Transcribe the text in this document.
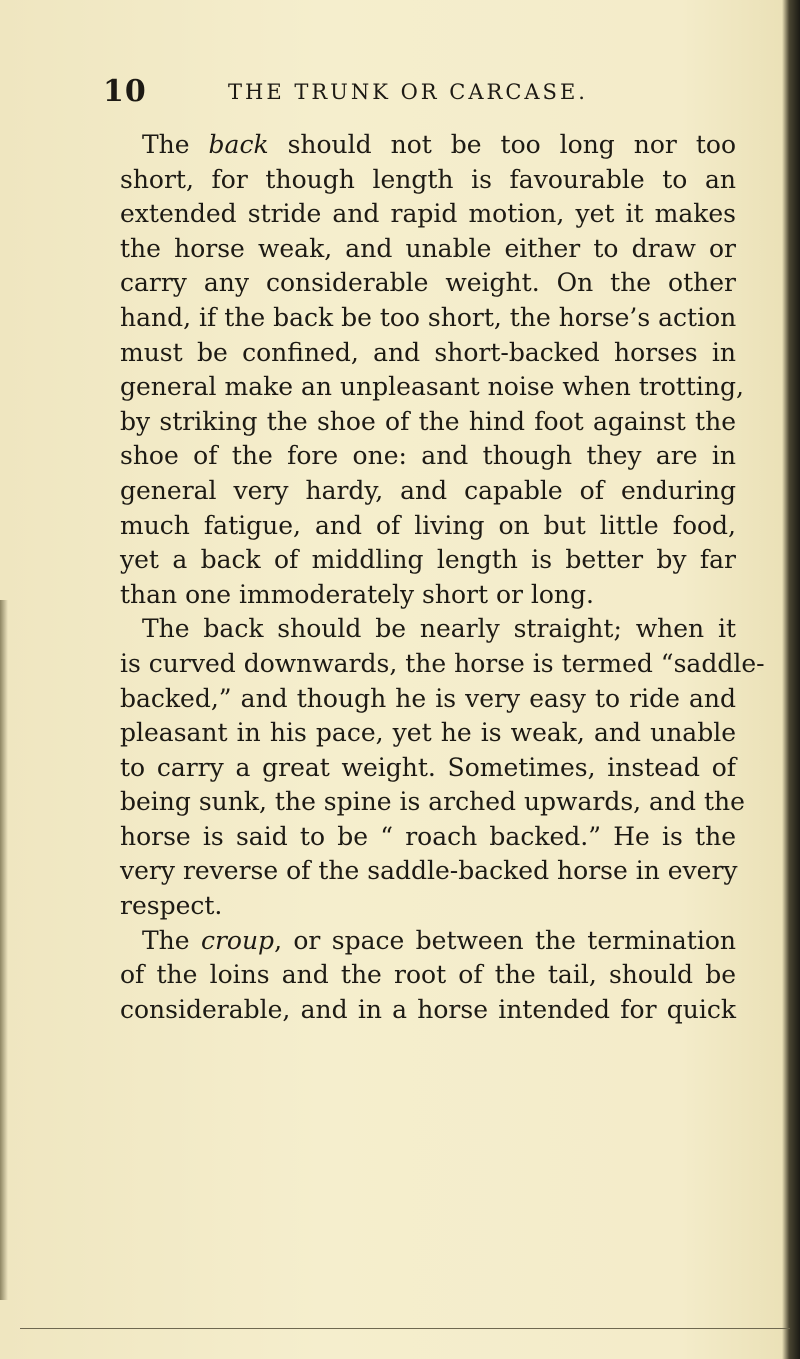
10	THE TRUNK OR CARCASE.
The back should not be too long nor too
short, for though length is favourable to an
extended stride and rapid motion, yet it makes
the horse weak, and unable either to draw or
carry any considerable weight. On the other
hand, if the back be too short, the horse’s action
must be confined, and short-backed horses in
general make an unpleasant noise when trotting,
by striking the shoe of the hind foot against the
shoe of the fore one: and though they are in
general very hardy, and capable of enduring
much fatigue, and of living on but little food,
yet a back of middling length is better by far
than one immoderately short or long.
The back should be nearly straight; when it
is curved downwards, the horse is termed “saddle-
backed,” and though he is very easy to ride and
pleasant in his pace, yet he is weak, and unable
to carry a great weight. Sometimes, instead of
being sunk, the spine is arched upwards, and the
horse is said to be “ roach backed.” He is the
very reverse of the saddle-backed horse in every
respect.
The croup, or space between the termination
of the loins and the root of the tail, should be
considerable, and in a horse intended for quick
